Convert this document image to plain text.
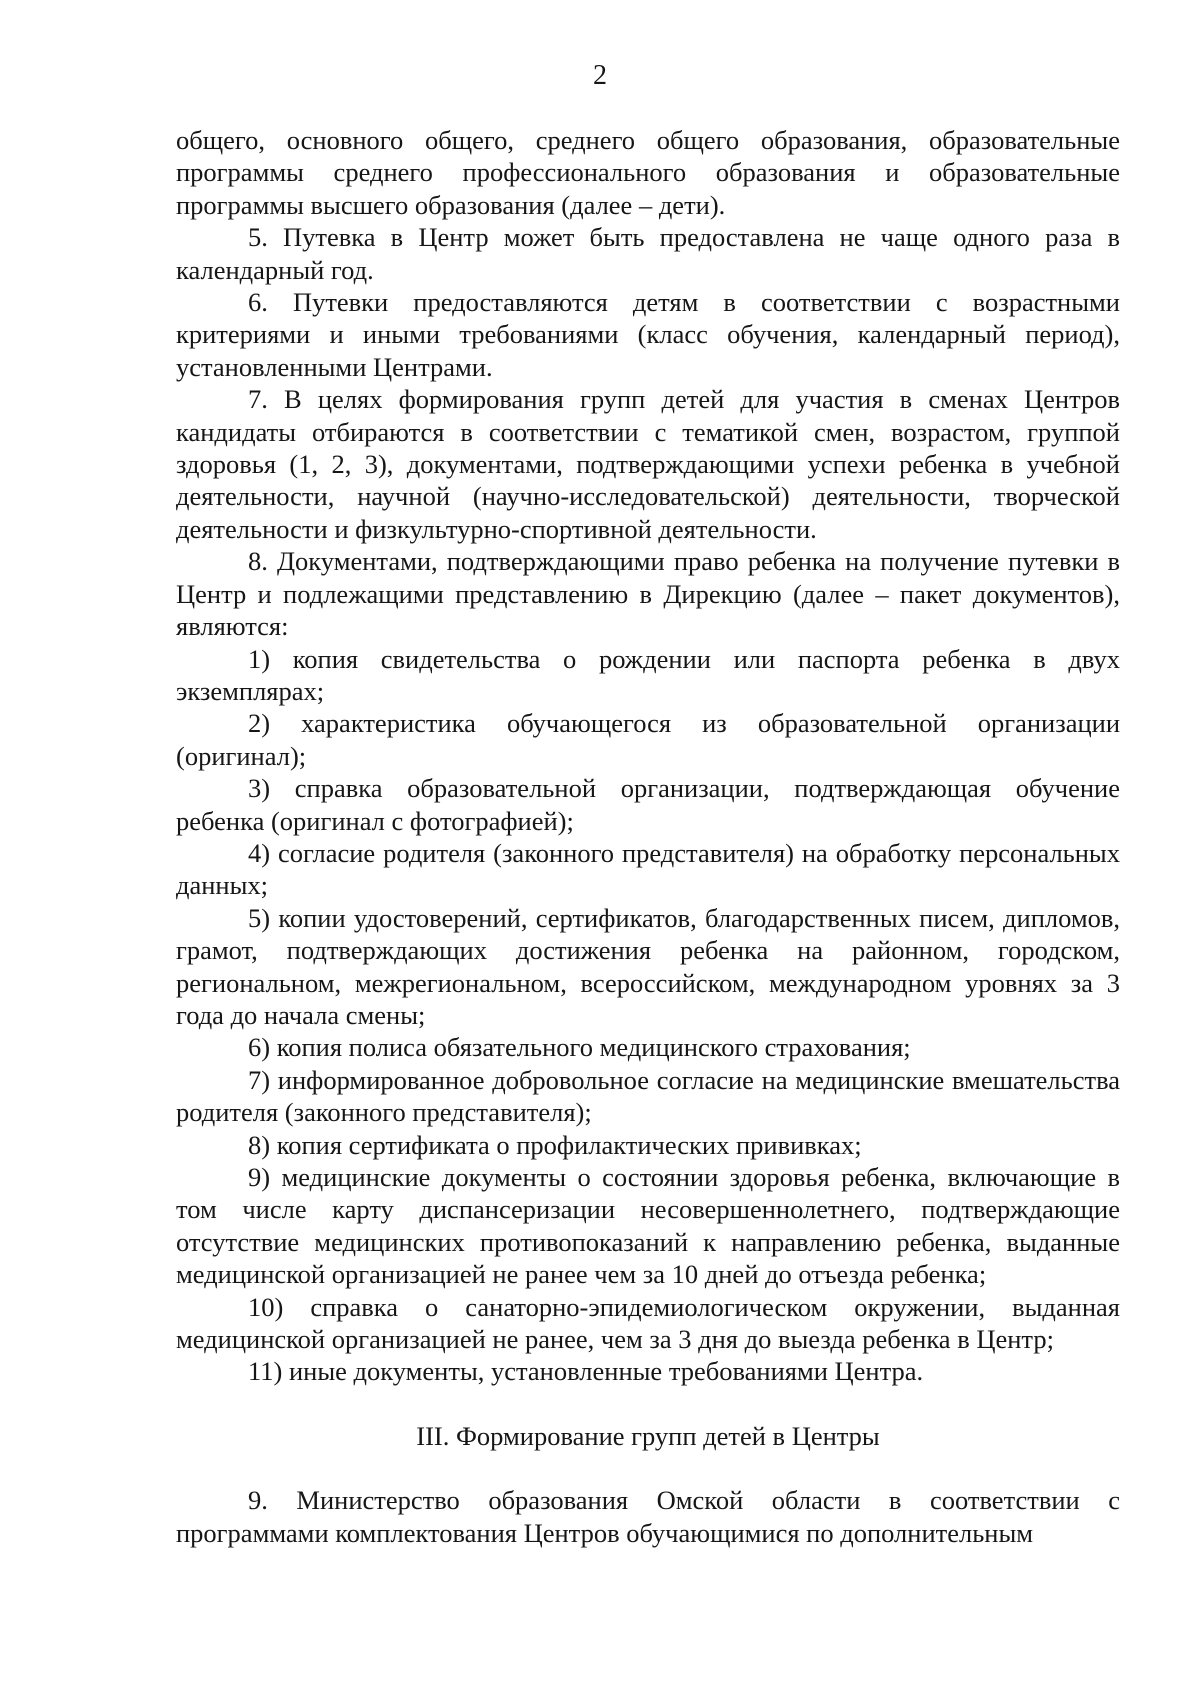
2

общего, основного общего, среднего общего образования, образовательные программы среднего профессионального образования и образовательные программы высшего образования (далее – дети).

5. Путевка в Центр может быть предоставлена не чаще одного раза в календарный год.

6. Путевки предоставляются детям в соответствии с возрастными критериями и иными требованиями (класс обучения, календарный период), установленными Центрами.

7. В целях формирования групп детей для участия в сменах Центров кандидаты отбираются в соответствии с тематикой смен, возрастом, группой здоровья (1, 2, 3), документами, подтверждающими успехи ребенка в учебной деятельности, научной (научно-исследовательской) деятельности, творческой деятельности и физкультурно-спортивной деятельности.

8. Документами, подтверждающими право ребенка на получение путевки в Центр и подлежащими представлению в Дирекцию (далее – пакет документов), являются:

1) копия свидетельства о рождении или паспорта ребенка в двух экземплярах;

2) характеристика обучающегося из образовательной организации (оригинал);

3) справка образовательной организации, подтверждающая обучение ребенка (оригинал с фотографией);

4) согласие родителя (законного представителя) на обработку персональных данных;

5) копии удостоверений, сертификатов, благодарственных писем, дипломов, грамот, подтверждающих достижения ребенка на районном, городском, региональном, межрегиональном, всероссийском, международном уровнях за 3 года до начала смены;

6) копия полиса обязательного медицинского страхования;

7) информированное добровольное согласие на медицинские вмешательства родителя (законного представителя);

8) копия сертификата о профилактических прививках;

9) медицинские документы о состоянии здоровья ребенка, включающие в том числе карту диспансеризации несовершеннолетнего, подтверждающие отсутствие медицинских противопоказаний к направлению ребенка, выданные медицинской организацией не ранее чем за 10 дней до отъезда ребенка;

10) справка о санаторно-эпидемиологическом окружении, выданная медицинской организацией не ранее, чем за 3 дня до выезда ребенка в Центр;

11) иные документы, установленные требованиями Центра.

III. Формирование групп детей в Центры

9. Министерство образования Омской области в соответствии с программами комплектования Центров обучающимися по дополнительным
